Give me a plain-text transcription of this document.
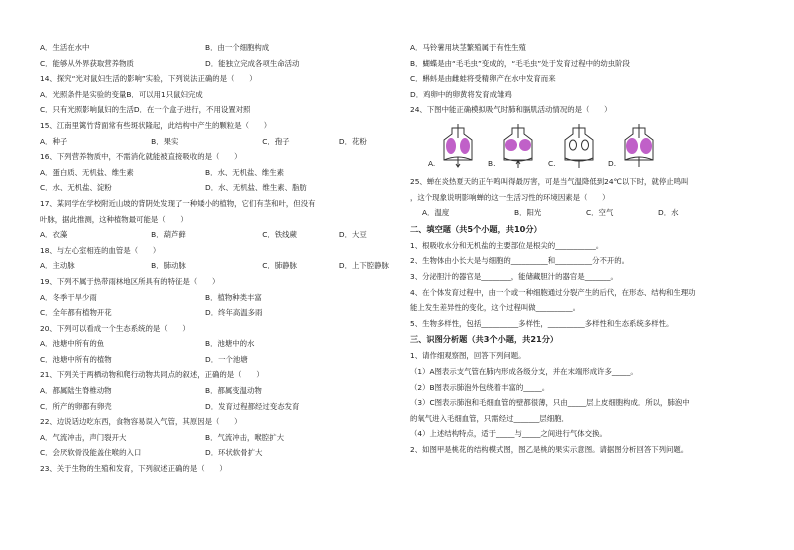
A．生活在水中	B．由一个细胞构成
C．能够从外界获取营养物质	D．能独立完成各项生命活动
14、探究“光对鼠妇生活的影响”实验，下列说法正确的是（　　）
A．光照条件是实验的变量B．可以用1只鼠妇完成
C．只有光照影响鼠妇的生活D．在一个盒子进行，不用设置对照
15、江南里篱竹背面常有些斑状隆起，此结构中产生的颗粒是（　　）
A．种子	B．果实	C．孢子	D．花粉
16、下列营养物质中，不需消化就能被直接吸收的是（　　）
A．蛋白质、无机盐、维生素	B．水、无机盐、维生素
C．水、无机盐、淀粉	D．水、无机盐、维生素、脂肪
17、某同学在学校附近山坡的背阴处发现了一种矮小的植物，它们有茎和叶，但没有
叶脉，据此推测，这种植物最可能是（　　）
A．衣藻	B．葫芦藓	C．铁线蕨	D．大豆
18、与左心室相连的血管是（　　）
A．主动脉	B．肺动脉	C．肺静脉	D．上下腔静脉
19、下列不属于热带雨林地区所具有的特征是（　　）
A．冬季干旱少雨	B．植物种类丰富
C．全年都有植物开花	D．终年高温多雨
20、下列可以看成一个生态系统的是（　　）
A．池塘中所有的鱼	B．池塘中的水
C．池塘中所有的植物	D．一个池塘
21、下列关于两栖动物和爬行动物共同点的叙述，正确的是（　　）
A．都属陆生脊椎动物	B．都属变温动物
C．所产的卵都有卵壳	D．发育过程都经过变态发育
22、边说话边吃东西，食物容易误入气管，其原因是（　　）
A．气流冲击，声门裂开大	B．气流冲击，喉腔扩大
C．会厌软骨没能盖住喉的入口	D．环状软骨扩大
23、关于生物的生殖和发育，下列叙述正确的是（　　）
A．马铃薯用块茎繁殖属于有性生殖
B．蝴蝶是由“毛毛虫”变成的，“毛毛虫”处于发育过程中的幼虫阶段
C．蝌蚪是由雌蛙将受精卵产在水中发育而来
D．鸡卵中的卵黄将发育成雏鸡
24、下图中能正确模拟吸气时肺和膈肌活动情况的是（　　）
A.	B.	C.	D.
25、蝉在炎热夏天的正午鸣叫得最厉害，可是当气温降低到24℃以下时，就停止鸣叫
，这个现象说明影响蝉的这一生活习性的环境因素是（　　）
A．温度	B．阳光	C．空气	D．水
二、填空题（共5个小题，共10分）
1、根吸收水分和无机盐的主要部位是根尖的___________。
2、生物体由小长大是与细胞的__________和__________分不开的。
3、分泌胆汁的器官是________，能储藏胆汁的器官是_______。
4、在个体发育过程中，由一个或一种细胞通过分裂产生的后代，在形态、结构和生理功
能上发生差异性的变化，这个过程叫做__________。
5、生物多样性，包括__________多样性，__________多样性和生态系统多样性。
三、识图分析题（共3个小题，共21分）
1、请作细观察图，回答下列问题。
（1）A图表示支气管在肺内形成各级分支，并在末端形成许多_____。
（2）B图表示肺泡外包绕着丰富的_____。
（3）C图表示肺泡和毛细血管的壁都很薄，只由_____层上皮细胞构成．所以，肺泡中
的氧气进入毛细血管，只需经过_______层细胞．
（4）上述结构特点，适于_____与_____之间进行气体交换。
2、如图甲是桃花的结构模式图，图乙是桃的果实示意图。请据图分析回答下列问题。
